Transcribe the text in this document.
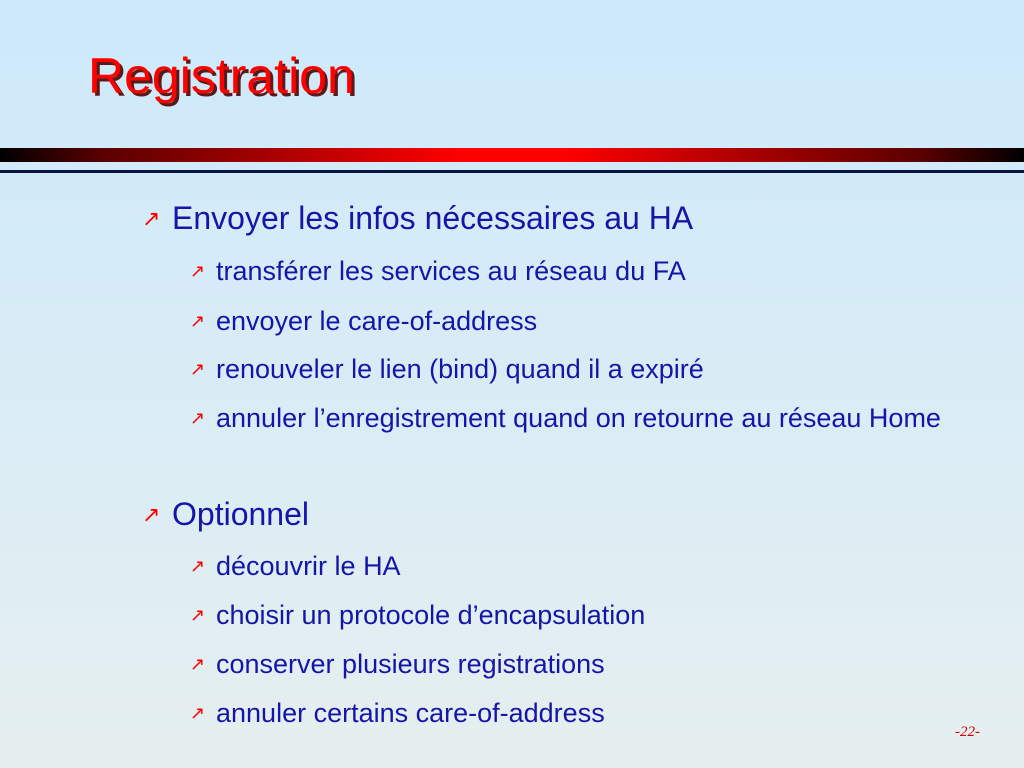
Registration

↗ Envoyer les infos nécessaires au HA

↗ transférer les services au réseau du FA

↗ envoyer le care-of-address

↗ renouveler le lien (bind) quand il a expiré

↗ annuler l’enregistrement quand on retourne au réseau Home

↗ Optionnel

↗ découvrir le HA

↗ choisir un protocole d’encapsulation

↗ conserver plusieurs registrations

↗ annuler certains care-of-address

-22-
